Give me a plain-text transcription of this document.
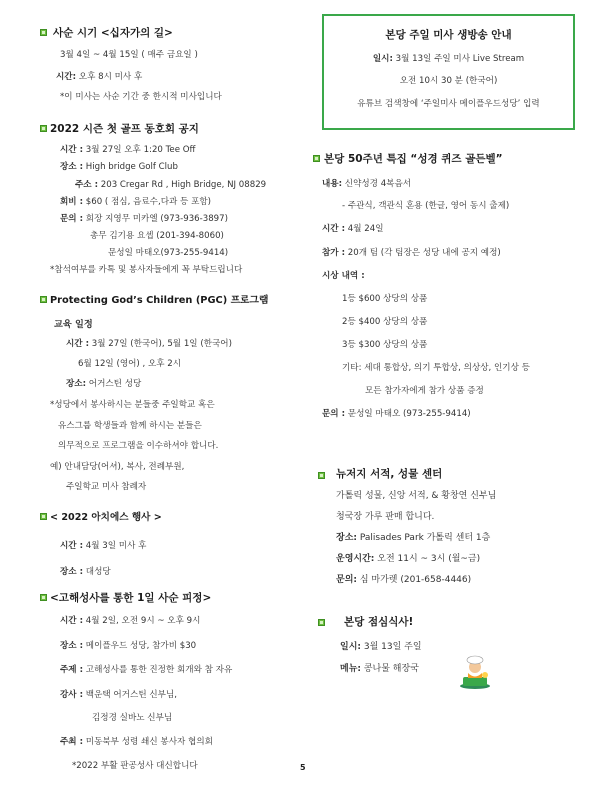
사순 시기 <십자가의 길>
3월 4일 ~ 4월 15일 ( 매주 금요일 )
시간: 오후 8시 미사 후
*이 미사는 사순 기간 중 한시적 미사입니다
2022 시즌 첫 골프 동호회 공지
시간 : 3월 27일 오후 1:20 Tee Off
장소 : High bridge Golf Club
주소 : 203 Cregar Rd , High Bridge, NJ 08829
회비 : $60 ( 점심, 음료수,다과 등 포함)
문의 : 회장 지영무 미카엘 (973-936-3897)
총무 김기용 요셉 (201-394-8060)
문성일 마태오(973-255-9414)
*참석여부를 카톡 및 봉사자들에게 꼭 부탁드립니다
Protecting God’s Children (PGC) 프로그램
교육 일정
시간 : 3월 27일 (한국어), 5월 1일 (한국어)
6월 12일 (영어) , 오후 2시
장소: 어거스틴 성당
*성당에서 봉사하시는 분들중 주일학교 혹은
유스그룹 학생들과 함께 하시는 분들은
의무적으로 프로그램을 이수하셔야 합니다.
예) 안내담당(어셔), 복사, 전례부원,
주일학교 미사 참례자
< 2022 아치에스 행사 >
시간 : 4월 3일 미사 후
장소 : 대성당
<고해성사를 통한 1일 사순 피정>
시간 : 4월 2일, 오전 9시 ~ 오후 9시
장소 : 메이플우드 성당, 참가비 $30
주제 : 고해성사를 통한 진정한 회개와 참 자유
강사 : 백운택 어거스틴 신부님,
김정경 실바노 신부님
주최 : 미동북부 성령 쇄신 봉사자 협의회
*2022 부활 판공성사 대신합니다
본당 주일 미사 생방송 안내
일시: 3월 13일 주일 미사 Live Stream
오전 10시 30 분 (한국어)
유튜브 검색창에 ‘주일미사 메이플우드성당’ 입력
본당 50주년 특집 “성경 퀴즈 골든벨”
내용: 신약성경 4복음서
- 주관식, 객관식 혼용 (한글, 영어 동시 출제)
시간 : 4월 24일
참가 : 20개 팀 (각 팀장은 성당 내에 공지 예정)
시상 내역 :
1등 $600 상당의 상품
2등 $400 상당의 상품
3등 $300 상당의 상품
기타: 세대 통합상, 의기 투합상, 의상상, 인기상 등
모든 참가자에게 참가 상품 증정
문의 : 문성일 마태오 (973-255-9414)
뉴저지 서적, 성물 센터
가톨릭 성물, 신앙 서적, & 황창연 신부님
청국장 가루 판매 합니다.
장소: Palisades Park 가톨릭 센터 1층
운영시간: 오전 11시 ~ 3시 (월~금)
문의: 심 마가렛 (201-658-4446)
본당 점심식사!
일시: 3월 13일 주일
메뉴: 콩나물 해장국
5
